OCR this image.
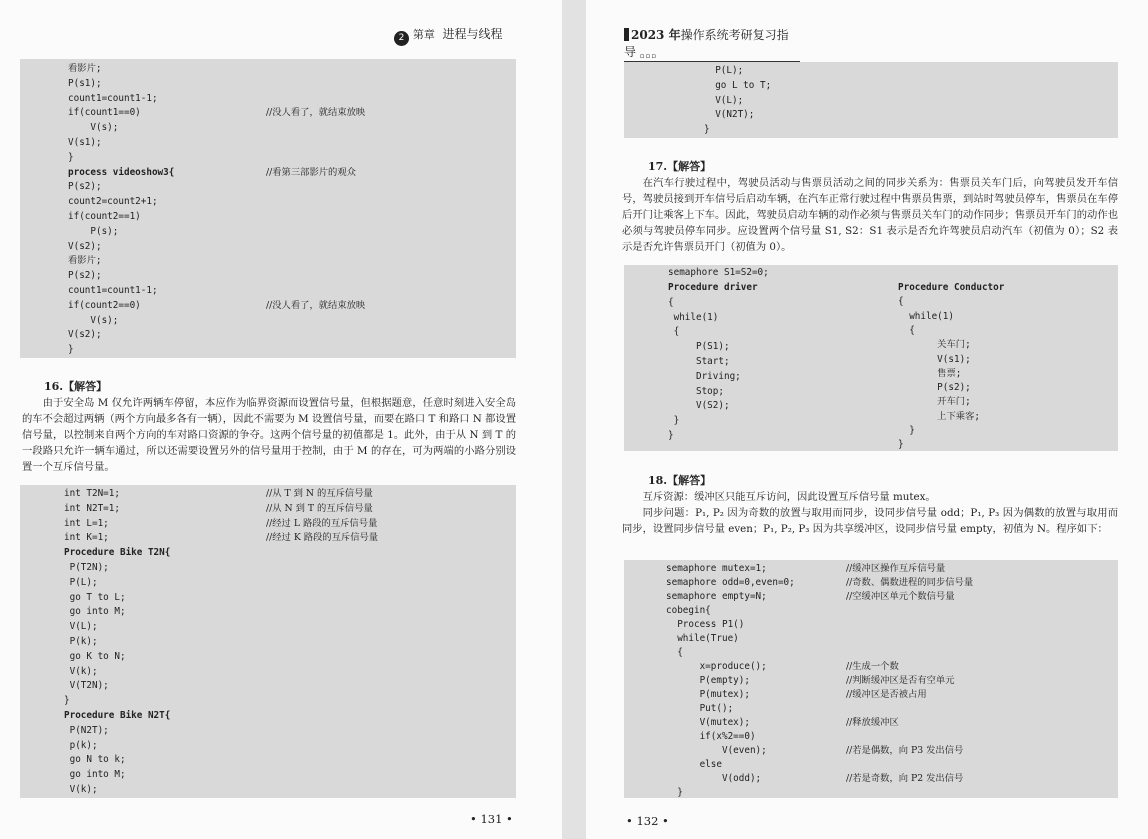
2 第章 进程与线程
看影片;
P(s1);
count1=count1-1;
if(count1==0)	//没人看了，就结束放映
V(s);
V(s1);
}
process videoshow3{	//看第三部影片的观众
P(s2);
count2=count2+1;
if(count2==1)
P(s);
V(s2);
看影片;
P(s2);
count1=count1-1;
if(count2==0)	//没人看了，就结束放映
V(s);
V(s2);
}
16.【解答】
由于安全岛 M 仅允许两辆车停留，本应作为临界资源而设置信号量，但根据题意，任意时刻进入安全岛的车不会超过两辆（两个方向最多各有一辆），因此不需要为 M 设置信号量，而要在路口 T 和路口 N 都设置信号量，以控制来自两个方向的车对路口资源的争夺。这两个信号量的初值都是 1。此外，由于从 N 到 T 的一段路只允许一辆车通过，所以还需要设置另外的信号量用于控制，由于 M 的存在，可为两端的小路分别设置一个互斥信号量。
int T2N=1;	//从 T 到 N 的互斥信号量
int N2T=1;	//从 N 到 T 的互斥信号量
int L=1;	//经过 L 路段的互斥信号量
int K=1;	//经过 K 路段的互斥信号量
Procedure Bike T2N{
P(T2N);
P(L);
go T to L;
go into M;
V(L);
P(k);
go K to N;
V(k);
V(T2N);
}
Procedure Bike N2T{
P(N2T);
p(k);
go N to k;
go into M;
V(k);
• 131 •
2023 年操作系统考研复习指导 ▫▫▫
P(L);
go L to T;
V(L);
V(N2T);
}
17.【解答】
在汽车行驶过程中，驾驶员活动与售票员活动之间的同步关系为：售票员关车门后，向驾驶员发开车信号，驾驶员接到开车信号后启动车辆，在汽车正常行驶过程中售票员售票，到站时驾驶员停车，售票员在车停后开门让乘客上下车。因此，驾驶员启动车辆的动作必须与售票员关车门的动作同步；售票员开车门的动作也必须与驾驶员停车同步。应设置两个信号量 S1, S2：S1 表示是否允许驾驶员启动汽车（初值为 0）；S2 表示是否允许售票员开门（初值为 0）。
semaphore S1=S2=0;
Procedure driver
{
while(1)
{
P(S1);
Start;
Driving;
Stop;
V(S2);
}
}
Procedure Conductor
{
while(1)
{
关车门;
V(s1);
售票;
P(s2);
开车门;
上下乘客;
}
}
18.【解答】

互斥资源：缓冲区只能互斥访问，因此设置互斥信号量 mutex。

同步问题：P₁, P₂ 因为奇数的放置与取用而同步，设同步信号量 odd；P₁, P₃ 因为偶数的放置与取用而同步，设置同步信号量 even；P₁, P₂, P₃ 因为共享缓冲区，设同步信号量 empty，初值为 N。程序如下：

semaphore mutex=1;	//缓冲区操作互斥信号量
semaphore odd=0,even=0;	//奇数、偶数进程的同步信号量
semaphore empty=N;	//空缓冲区单元个数信号量
cobegin{
Process P1()
while(True)
{
x=produce();	//生成一个数
P(empty);	//判断缓冲区是否有空单元
P(mutex);	//缓冲区是否被占用
Put();
V(mutex);	//释放缓冲区
if(x%2==0)
V(even);	//若是偶数，向 P3 发出信号
else
V(odd);	//若是奇数，向 P2 发出信号
}
• 132 •
